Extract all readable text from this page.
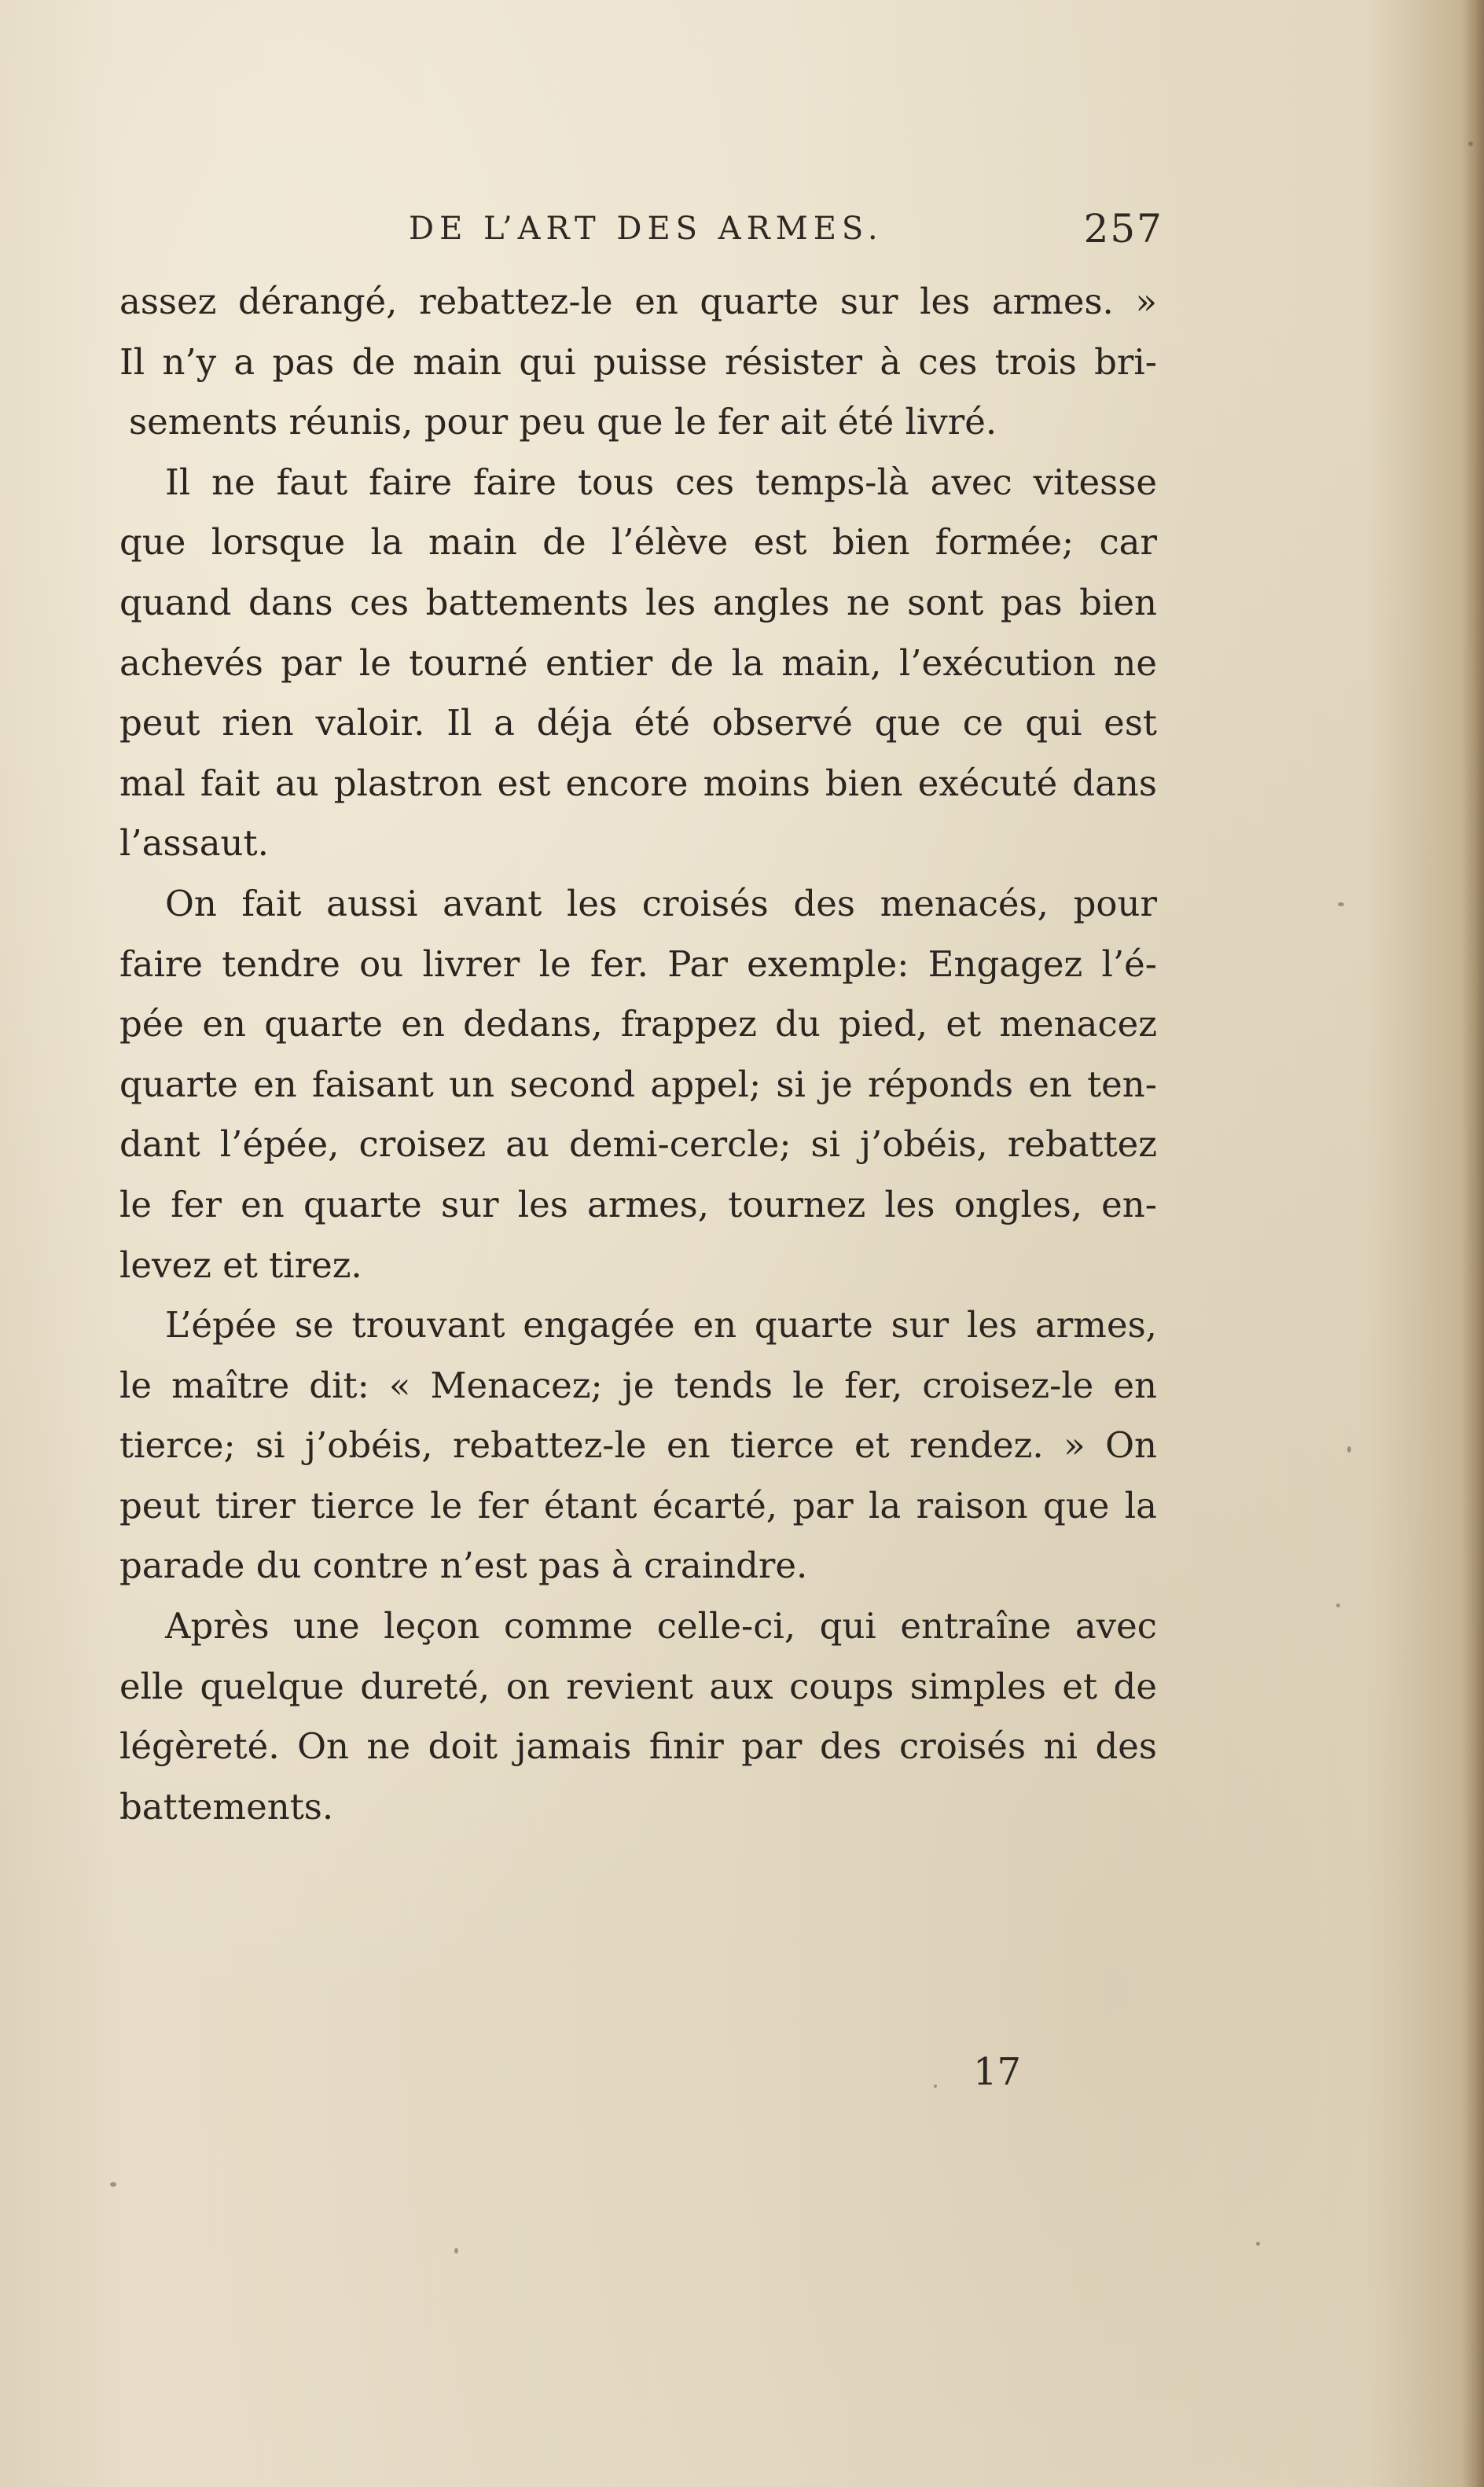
DE L’ART DES ARMES.	257
assez dérangé, rebattez-le en quarte sur les armes. »
Il n’y a pas de main qui puisse résister à ces trois bri-
sements réunis, pour peu que le fer ait été livré.
Il ne faut faire faire tous ces temps-là avec vitesse
que lorsque la main de l’élève est bien formée; car
quand dans ces battements les angles ne sont pas bien
achevés par le tourné entier de la main, l’exécution ne
peut rien valoir. Il a déja été observé que ce qui est
mal fait au plastron est encore moins bien exécuté dans
l’assaut.
On fait aussi avant les croisés des menacés, pour
faire tendre ou livrer le fer. Par exemple: Engagez l’é-
pée en quarte en dedans, frappez du pied, et menacez
quarte en faisant un second appel; si je réponds en ten-
dant l’épée, croisez au demi-cercle; si j’obéis, rebattez
le fer en quarte sur les armes, tournez les ongles, en-
levez et tirez.
L’épée se trouvant engagée en quarte sur les armes,
le maître dit: « Menacez; je tends le fer, croisez-le en
tierce; si j’obéis, rebattez-le en tierce et rendez. » On
peut tirer tierce le fer étant écarté, par la raison que la
parade du contre n’est pas à craindre.
Après une leçon comme celle-ci, qui entraîne avec
elle quelque dureté, on revient aux coups simples et de
légèreté. On ne doit jamais finir par des croisés ni des
battements.
17
